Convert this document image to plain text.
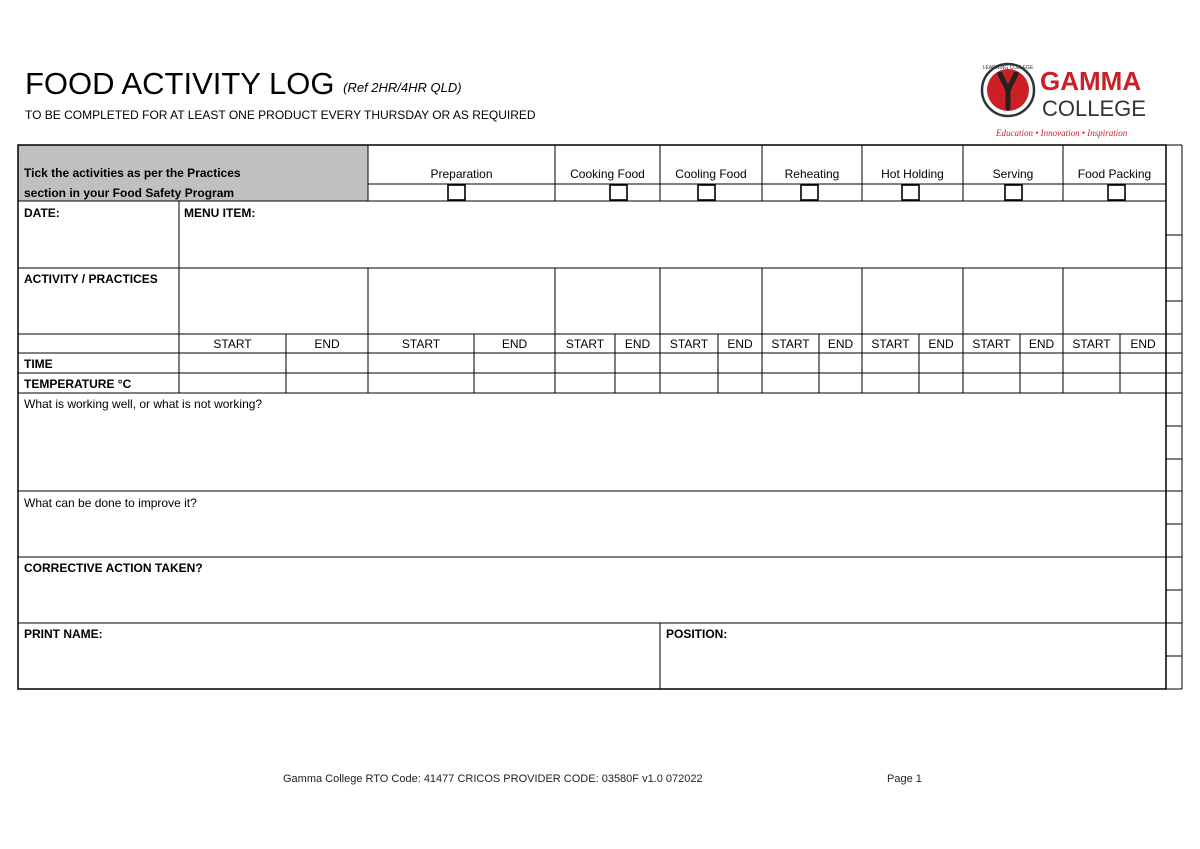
FOOD ACTIVITY LOG (Ref 2HR/4HR QLD)
TO BE COMPLETED FOR AT LEAST ONE PRODUCT EVERY THURSDAY OR AS REQUIRED
LEARNING COLLEGE GAMMA
COLLEGE
Education • Innovation • Inspiration
Tick the activities as per the Practices
section in your Food Safety Program
Preparation	Cooking Food	Cooling Food	Reheating	Hot Holding	Serving	Food Packing
DATE:	MENU ITEM:
ACTIVITY / PRACTICES
START	END	START	END	START	END	START	END	START	END	START	END	START	END	START	END
TIME
TEMPERATURE °C
What is working well, or what is not working?
What can be done to improve it?
CORRECTIVE ACTION TAKEN?
PRINT NAME:	POSITION:
Gamma College RTO Code: 41477 CRICOS PROVIDER CODE: 03580F v1.0 072022	Page 1
